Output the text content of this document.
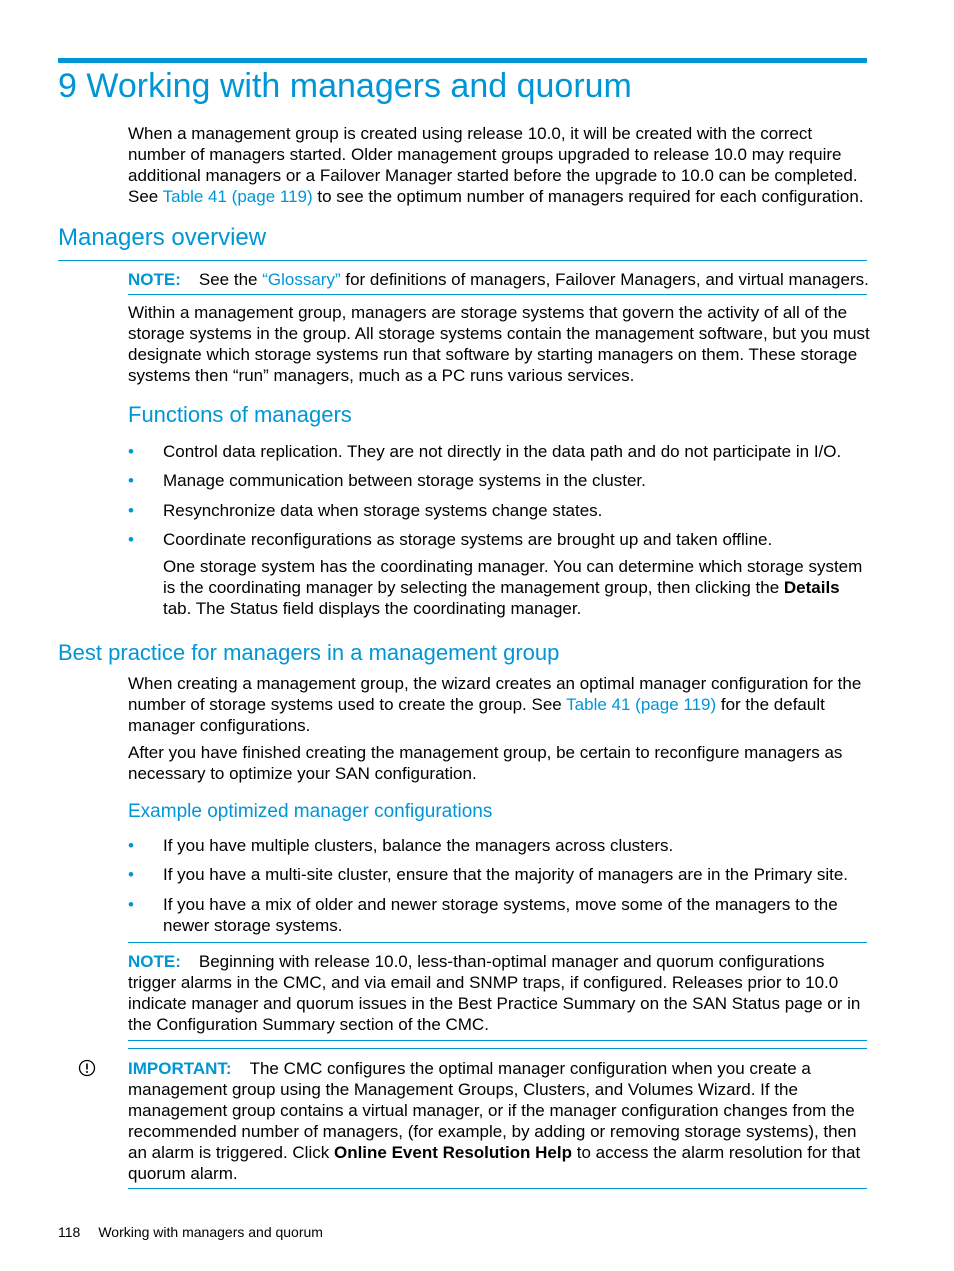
9 Working with managers and quorum
When a management group is created using release 10.0, it will be created with the correct number of managers started. Older management groups upgraded to release 10.0 may require additional managers or a Failover Manager started before the upgrade to 10.0 can be completed. See Table 41 (page 119) to see the optimum number of managers required for each configuration.
Managers overview
NOTE: See the “Glossary” for definitions of managers, Failover Managers, and virtual managers.
Within a management group, managers are storage systems that govern the activity of all of the storage systems in the group. All storage systems contain the management software, but you must designate which storage systems run that software by starting managers on them. These storage systems then “run” managers, much as a PC runs various services.
Functions of managers
• Control data replication. They are not directly in the data path and do not participate in I/O.
• Manage communication between storage systems in the cluster.
• Resynchronize data when storage systems change states.
• Coordinate reconfigurations as storage systems are brought up and taken offline.
One storage system has the coordinating manager. You can determine which storage system is the coordinating manager by selecting the management group, then clicking the Details tab. The Status field displays the coordinating manager.
Best practice for managers in a management group
When creating a management group, the wizard creates an optimal manager configuration for the number of storage systems used to create the group. See Table 41 (page 119) for the default manager configurations.
After you have finished creating the management group, be certain to reconfigure managers as necessary to optimize your SAN configuration.
Example optimized manager configurations
• If you have multiple clusters, balance the managers across clusters.
• If you have a multi-site cluster, ensure that the majority of managers are in the Primary site.
• If you have a mix of older and newer storage systems, move some of the managers to the newer storage systems.
NOTE: Beginning with release 10.0, less-than-optimal manager and quorum configurations trigger alarms in the CMC, and via email and SNMP traps, if configured. Releases prior to 10.0 indicate manager and quorum issues in the Best Practice Summary on the SAN Status page or in the Configuration Summary section of the CMC.
IMPORTANT: The CMC configures the optimal manager configuration when you create a management group using the Management Groups, Clusters, and Volumes Wizard. If the management group contains a virtual manager, or if the manager configuration changes from the recommended number of managers, (for example, by adding or removing storage systems), then an alarm is triggered. Click Online Event Resolution Help to access the alarm resolution for that quorum alarm.
118 Working with managers and quorum
